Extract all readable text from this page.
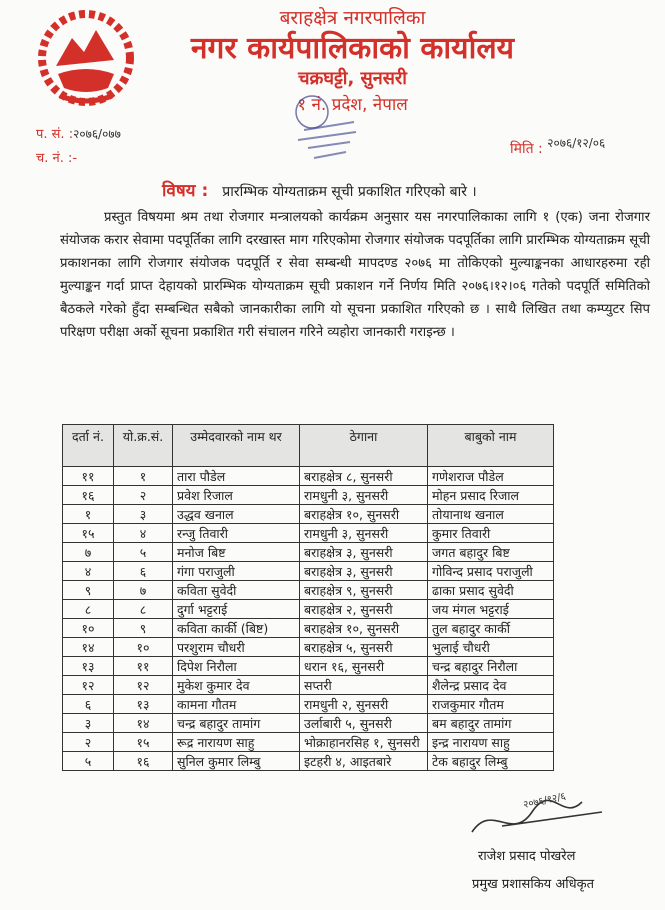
बराहक्षेत्र नगरपालिका
नगर कार्यपालिकाको कार्यालय
चक्रघट्टी, सुनसरी
१ नं. प्रदेश, नेपाल
प. सं. :२०७६/०७७
च. नं. :-
मिति : २०७६/१२/०६
विषय : प्रारम्भिक योग्यताक्रम सूची प्रकाशित गरिएको बारे ।
प्रस्तुत विषयमा श्रम तथा रोजगार मन्त्रालयको कार्यक्रम अनुसार यस नगरपालिकाका लागि १ (एक) जना रोजगार संयोजक करार सेवामा पदपूर्तिका लागि दरखास्त माग गरिएकोमा रोजगार संयोजक पदपूर्तिका लागि प्रारम्भिक योग्यताक्रम सूची प्रकाशनका लागि रोजगार संयोजक पदपूर्ति र सेवा सम्बन्धी मापदण्ड २०७६ मा तोकिएको मुल्याङ्कनका आधारहरुमा रही मुल्याङ्कन गर्दा प्राप्त देहायको प्रारम्भिक योग्यताक्रम सूची प्रकाशन गर्ने निर्णय मिति २०७६।१२।०६ गतेको पदपूर्ति समितिको बैठकले गरेको हुँदा सम्बन्धित सबैको जानकारीका लागि यो सूचना प्रकाशित गरिएको छ । साथै लिखित तथा कम्प्युटर सिप परिक्षण परीक्षा अर्को सूचना प्रकाशित गरी संचालन गरिने व्यहोरा जानकारी गराइन्छ ।
दर्ता नं.	यो.क्र.सं.	उम्मेदवारको नाम थर	ठेगाना	बाबुको नाम
११	१	तारा पौडेल	बराहक्षेत्र ८, सुनसरी	गणेशराज पौडेल
१६	२	प्रवेश रिजाल	रामधुनी ३, सुनसरी	मोहन प्रसाद रिजाल
१	३	उद्धव खनाल	बराहक्षेत्र १०, सुनसरी	तोयानाथ खनाल
१५	४	रन्जु तिवारी	रामधुनी ३, सुनसरी	कुमार तिवारी
७	५	मनोज बिष्ट	बराहक्षेत्र ३, सुनसरी	जगत बहादुर बिष्ट
४	६	गंगा पराजुली	बराहक्षेत्र ३, सुनसरी	गोविन्द प्रसाद पराजुली
९	७	कविता सुवेदी	बराहक्षेत्र ९, सुनसरी	ढाका प्रसाद सुवेदी
८	८	दुर्गा भट्टराई	बराहक्षेत्र २, सुनसरी	जय मंगल भट्टराई
१०	९	कविता कार्की (बिष्ट)	बराहक्षेत्र १०, सुनसरी	तुल बहादुर कार्की
१४	१०	परशुराम चौधरी	बराहक्षेत्र ५, सुनसरी	भुलाई चौधरी
१३	११	दिपेश निरौला	धरान १६, सुनसरी	चन्द्र बहादुर निरौला
१२	१२	मुकेश कुमार देव	सप्तरी	शैलेन्द्र प्रसाद देव
६	१३	कामना गौतम	रामधुनी २, सुनसरी	राजकुमार गौतम
३	१४	चन्द्र बहादुर तामांग	उर्लाबारी ५, सुनसरी	बम बहादुर तामांग
२	१५	रूद्र नारायण साहु	भोक्राहानरसिह १, सुनसरी	इन्द्र नारायण साहु
५	१६	सुनिल कुमार लिम्बु	इटहरी ४, आइतबारे	टेक बहादुर लिम्बु
२०७६/१२/६
राजेश प्रसाद पोखरेल
प्रमुख प्रशासकिय अधिकृत
